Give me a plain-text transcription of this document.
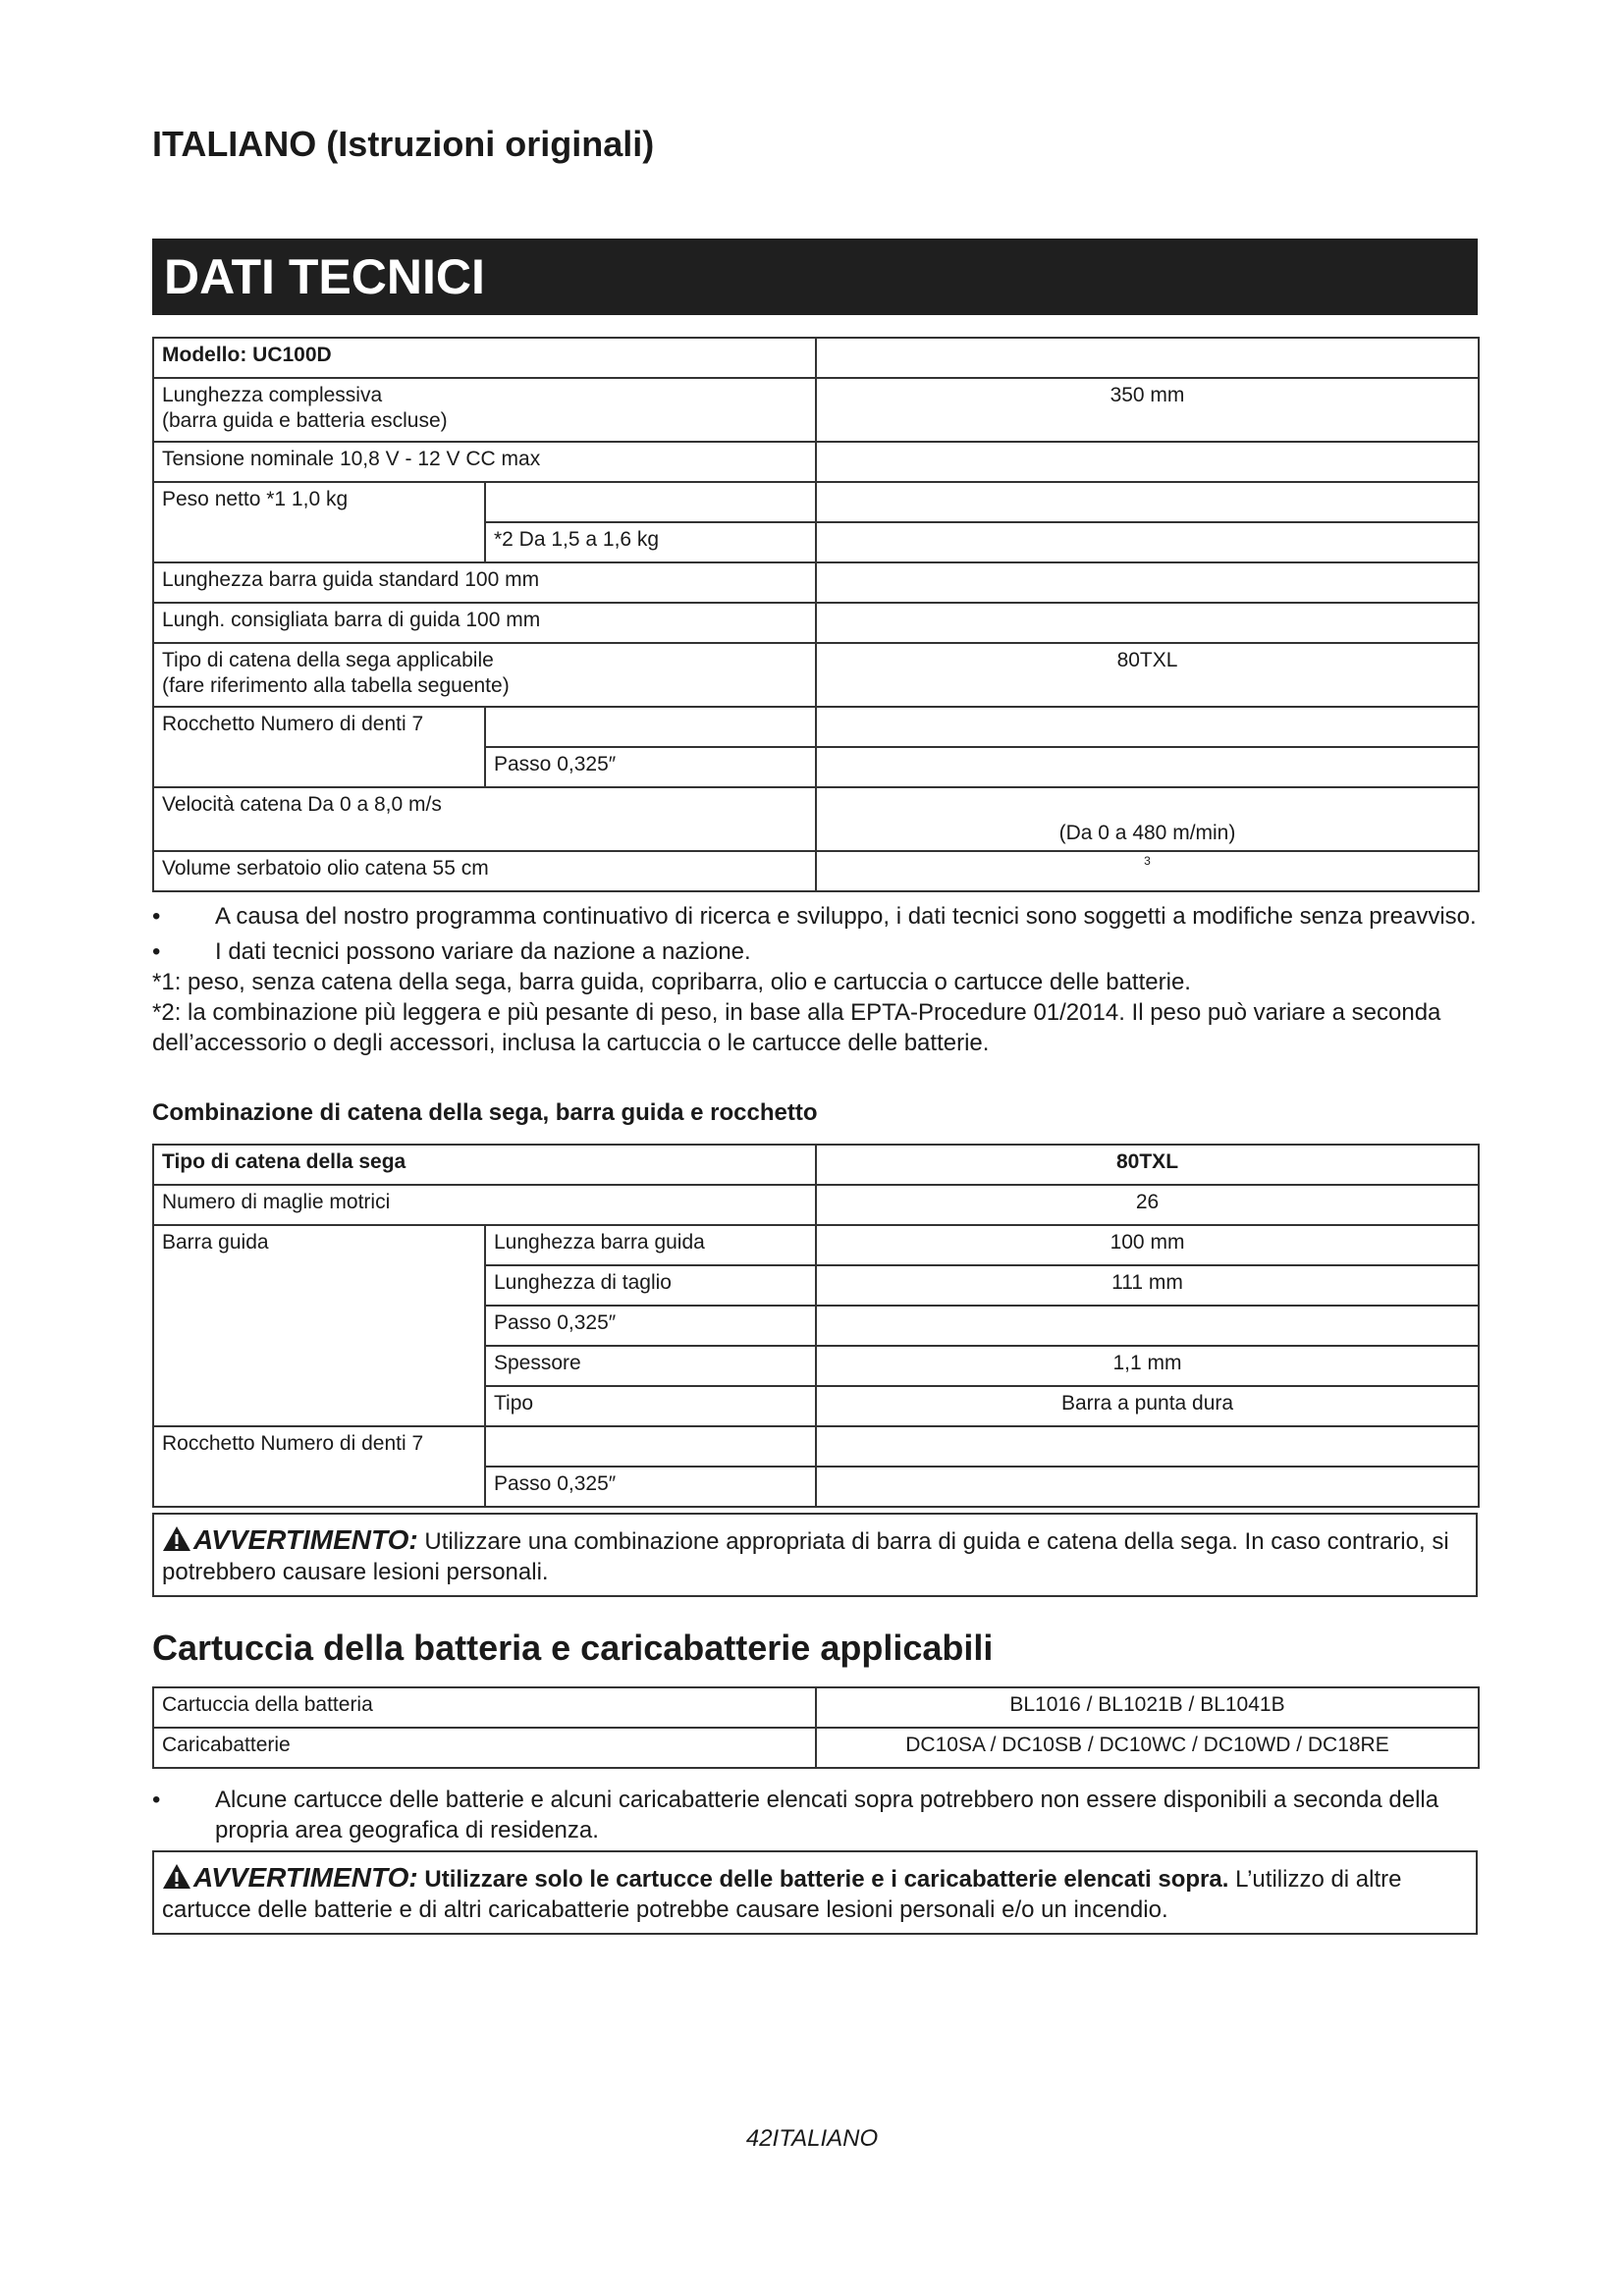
ITALIANO (Istruzioni originali)
DATI TECNICI
Modello: UC100D		

Lunghezza complessiva
(barra guida e batteria escluse)		350 mm
Tensione nominale 10,8 V - 12 V CC max		
Peso netto *1 1,0 kg		
	*2 Da 1,5 a 1,6 kg	
Lunghezza barra guida standard 100 mm		
Lungh. consigliata barra di guida 100 mm		

Tipo di catena della sega applicabile
(fare riferimento alla tabella seguente)		80TXL
Rocchetto Numero di denti 7		
	Passo 0,325″	
Velocità catena Da 0 a 8,0 m/s		(Da 0 a 480 m/min)
Volume serbatoio olio catena 55 cm		3
• A causa del nostro programma continuativo di ricerca e sviluppo, i dati tecnici sono soggetti a modifiche senza preavviso.
• I dati tecnici possono variare da nazione a nazione.
*1: peso, senza catena della sega, barra guida, copribarra, olio e cartuccia o cartucce delle batterie.
*2: la combinazione più leggera e più pesante di peso, in base alla EPTA-Procedure 01/2014. Il peso può variare a seconda dell’accessorio o degli accessori, inclusa la cartuccia o le cartucce delle batterie.
Combinazione di catena della sega, barra guida e rocchetto
Tipo di catena della sega		80TXL
Numero di maglie motrici		26
Barra guida	Lunghezza barra guida	100 mm
	Lunghezza di taglio	111 mm
	Passo 0,325″	
	Spessore	1,1 mm
	Tipo	Barra a punta dura
Rocchetto Numero di denti 7		
	Passo 0,325″	
AVVERTIMENTO: Utilizzare una combinazione appropriata di barra di guida e catena della sega. In caso contrario, si potrebbero causare lesioni personali.
Cartuccia della batteria e caricabatterie applicabili
Cartuccia della batteria	BL1016 / BL1021B / BL1041B
Caricabatterie	DC10SA / DC10SB / DC10WC / DC10WD / DC18RE
• Alcune cartucce delle batterie e alcuni caricabatterie elencati sopra potrebbero non essere disponibili a seconda della propria area geografica di residenza.
AVVERTIMENTO: Utilizzare solo le cartucce delle batterie e i caricabatterie elencati sopra. L’utilizzo di altre cartucce delle batterie e di altri caricabatterie potrebbe causare lesioni personali e/o un incendio.
42ITALIANO
